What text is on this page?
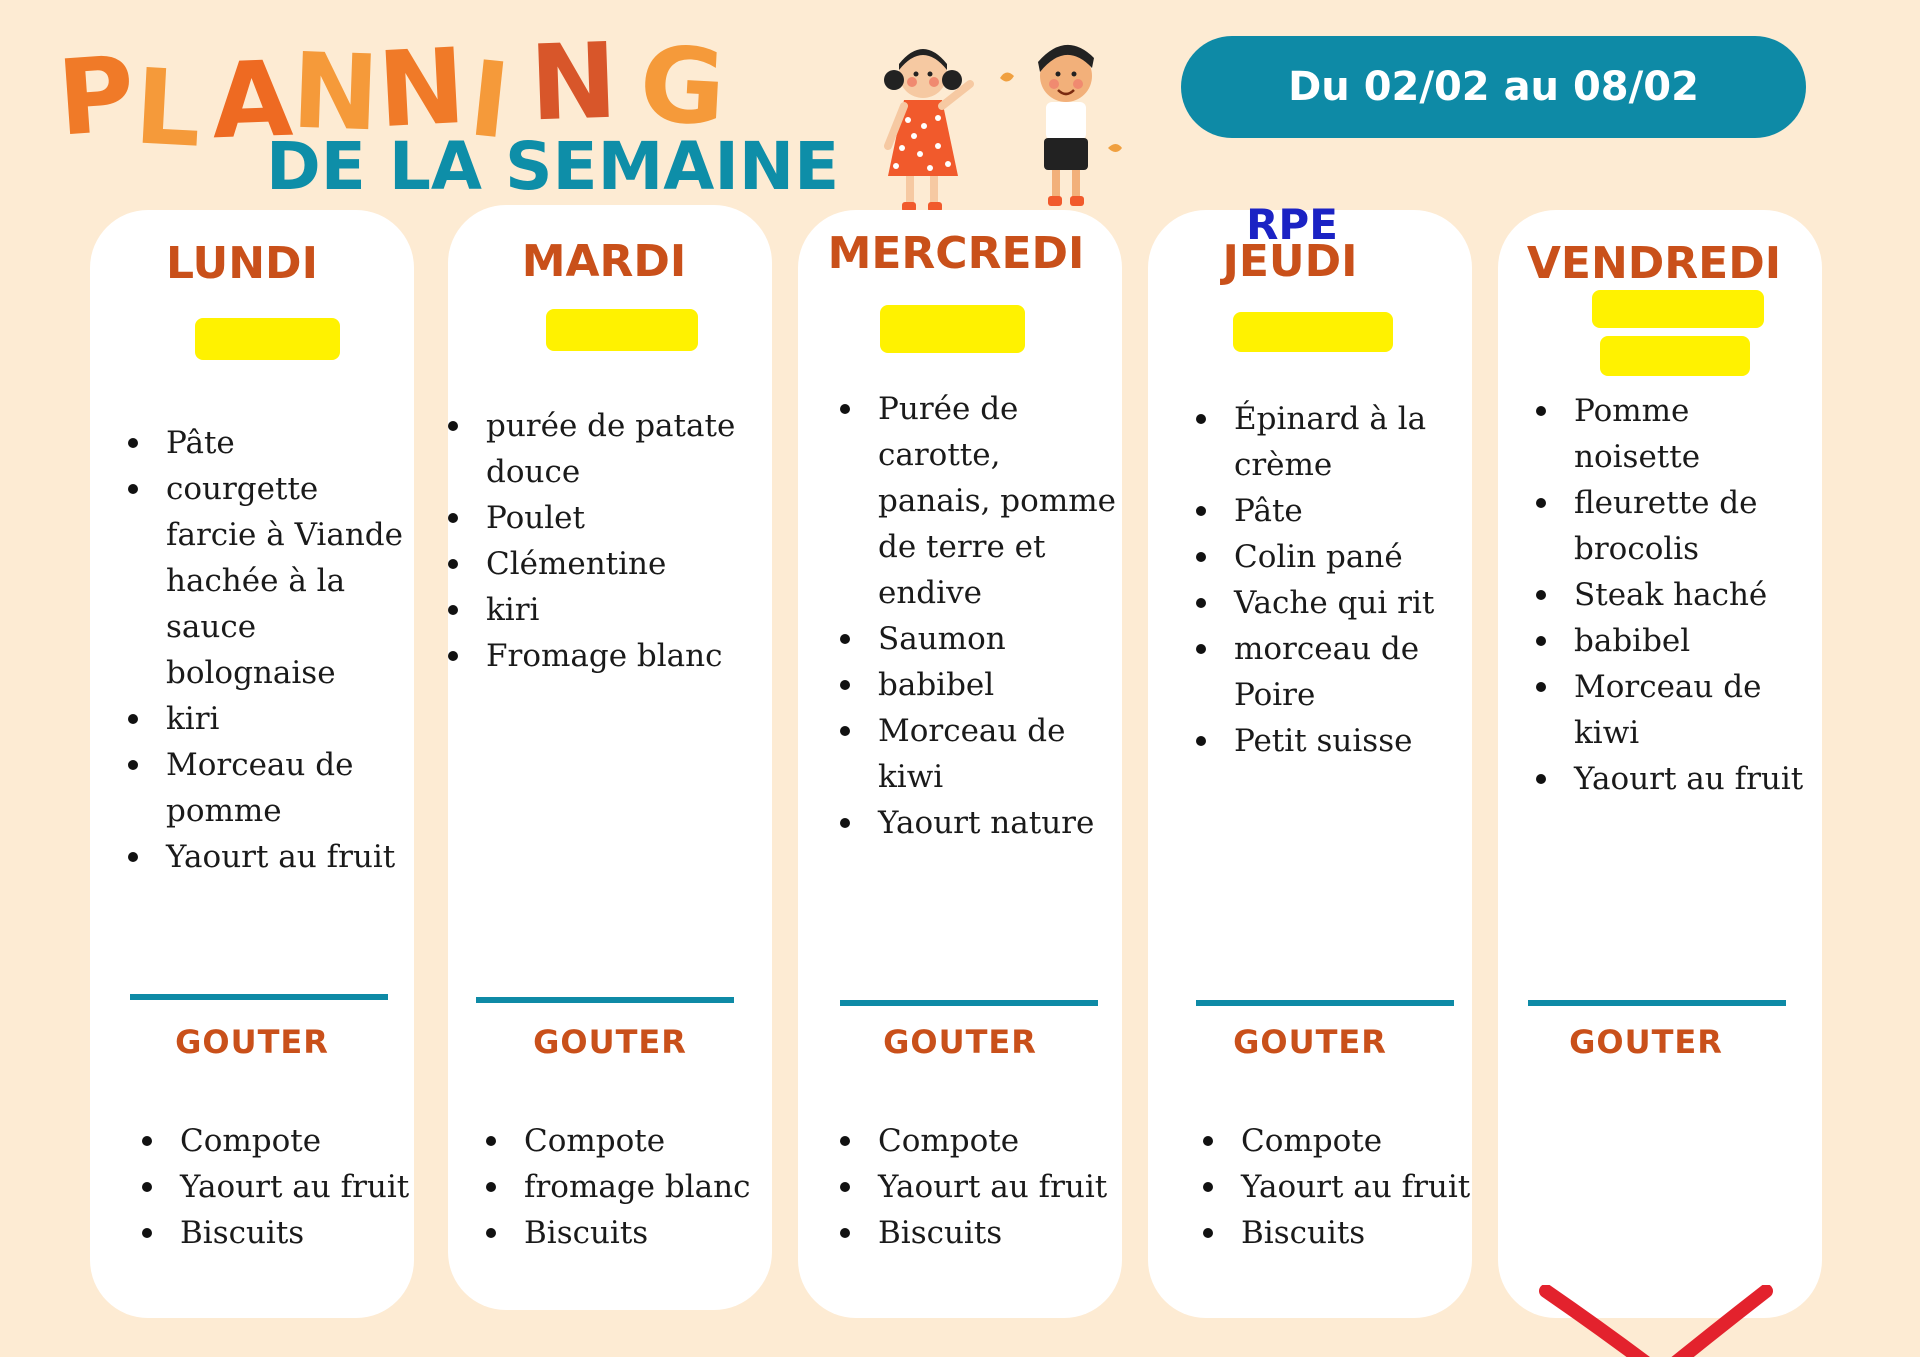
P
L A
N
N
I N G
DE LA SEMAINE
Du 02/02 au 08/02
LUNDI
Pâte
courgette farcie à Viande hachée à la sauce bolognaise
kiri
Morceau de pomme
Yaourt au fruit
GOUTER
Compote
Yaourt au fruit
Biscuits
MARDI
purée de patate douce
Poulet
Clémentine
kiri
Fromage blanc
GOUTER
Compote
fromage blanc
Biscuits
MERCREDI
Purée de carotte, panais, pomme de terre et endive
Saumon
babibel
Morceau de kiwi
Yaourt nature
GOUTER
Compote
Yaourt au fruit
Biscuits
RPE
JEUDI
Épinard à la crème
Pâte
Colin pané
Vache qui rit
morceau de Poire
Petit suisse
GOUTER
Compote
Yaourt au fruit
Biscuits
VENDREDI
Pomme noisette
fleurette de brocolis
Steak haché
babibel
Morceau de kiwi
Yaourt au fruit
GOUTER
